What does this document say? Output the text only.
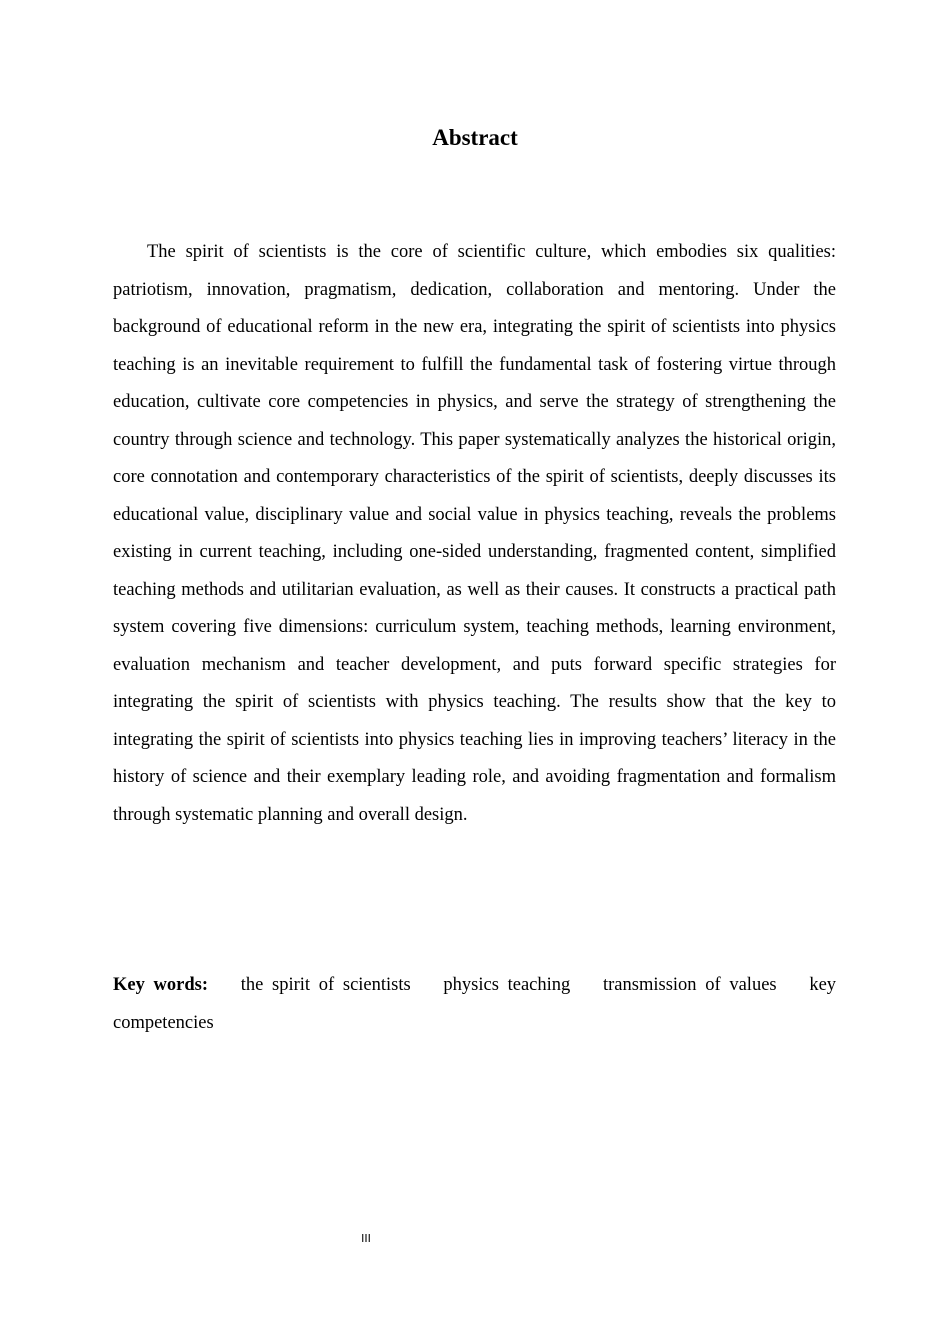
Abstract

The spirit of scientists is the core of scientific culture, which embodies six qualities: patriotism, innovation, pragmatism, dedication, collaboration and mentoring. Under the background of educational reform in the new era, integrating the spirit of scientists into physics teaching is an inevitable requirement to fulfill the fundamental task of fostering virtue through education, cultivate core competencies in physics, and serve the strategy of strengthening the country through science and technology. This paper systematically analyzes the historical origin, core connotation and contemporary characteristics of the spirit of scientists, deeply discusses its educational value, disciplinary value and social value in physics teaching, reveals the problems existing in current teaching, including one-sided understanding, fragmented content, simplified teaching methods and utilitarian evaluation, as well as their causes. It constructs a practical path system covering five dimensions: curriculum system, teaching methods, learning environment, evaluation mechanism and teacher development, and puts forward specific strategies for integrating the spirit of scientists with physics teaching. The results show that the key to integrating the spirit of scientists into physics teaching lies in improving teachers’ literacy in the history of science and their exemplary leading role, and avoiding fragmentation and formalism through systematic planning and overall design.

Key words: the spirit of scientists physics teaching transmission of values key competencies

III
